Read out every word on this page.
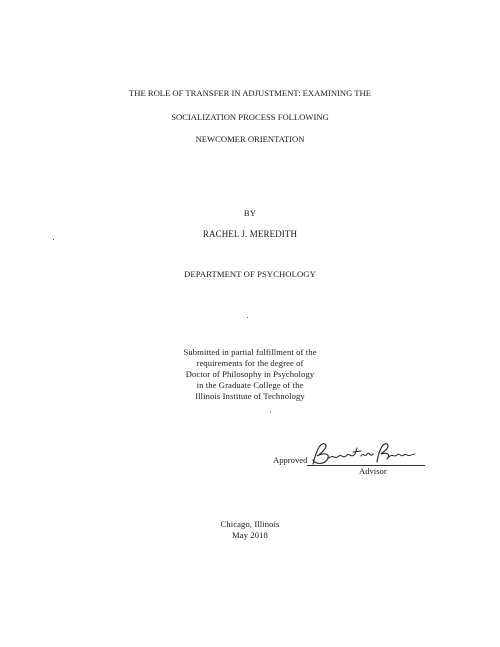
THE ROLE OF TRANSFER IN ADJUSTMENT: EXAMINING THE
SOCIALIZATION PROCESS FOLLOWING
NEWCOMER ORIENTATION
BY
RACHEL J. MEREDITH
DEPARTMENT OF PSYCHOLOGY
Submitted in partial fulfillment of the
requirements for the degree of
Doctor of Philosophy in Psychology
in the Graduate College of the
Illinois Institute of Technology
Approved
Advisor
Chicago, Illinois
May 2018
